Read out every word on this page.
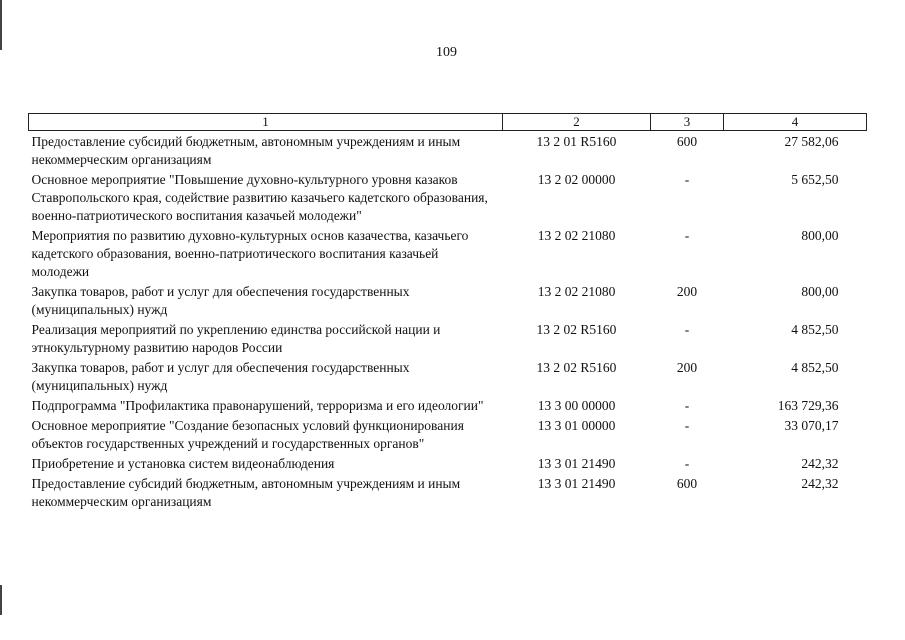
109
1	2	3	4
Предоставление субсидий бюджетным, автономным учреждениям и иным некоммерческим организациям	13 2 01 R5160	600	27 582,06
Основное мероприятие "Повышение духовно-культурного уровня казаков Ставропольского края, содействие развитию казачьего кадетского образования, военно-патриотического воспитания казачьей молодежи"	13 2 02 00000	-	5 652,50
Мероприятия по развитию духовно-культурных основ казачества, казачьего кадетского образования, военно-патриотического воспитания казачьей молодежи	13 2 02 21080	-	800,00
Закупка товаров, работ и услуг для обеспечения государственных (муниципальных) нужд	13 2 02 21080	200	800,00
Реализация мероприятий по укреплению единства российской нации и этнокультурному развитию народов России	13 2 02 R5160	-	4 852,50
Закупка товаров, работ и услуг для обеспечения государственных (муниципальных) нужд	13 2 02 R5160	200	4 852,50
Подпрограмма "Профилактика правонарушений, терроризма и его идеологии"	13 3 00 00000	-	163 729,36
Основное мероприятие "Создание безопасных условий функционирования объектов государственных учреждений и государственных органов"	13 3 01 00000	-	33 070,17
Приобретение и установка систем видеонаблюдения	13 3 01 21490	-	242,32
Предоставление субсидий бюджетным, автономным учреждениям и иным некоммерческим организациям	13 3 01 21490	600	242,32
